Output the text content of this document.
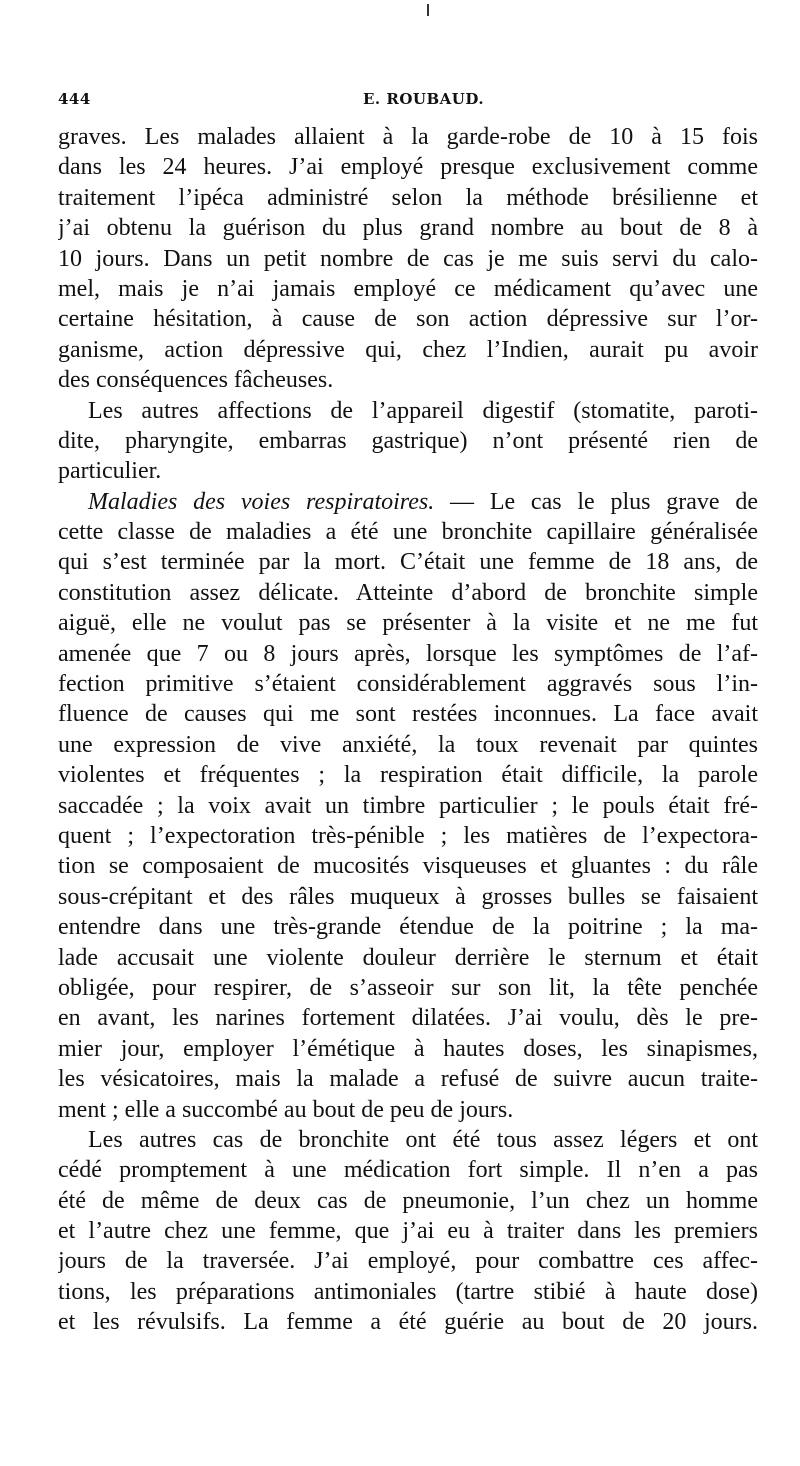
444	E. ROUBAUD.
graves. Les malades allaient à la garde-robe de 10 à 15 fois
dans les 24 heures. J’ai employé presque exclusivement comme
traitement l’ipéca administré selon la méthode brésilienne et
j’ai obtenu la guérison du plus grand nombre au bout de 8 à
10 jours. Dans un petit nombre de cas je me suis servi du calo-
mel, mais je n’ai jamais employé ce médicament qu’avec une
certaine hésitation, à cause de son action dépressive sur l’or-
ganisme, action dépressive qui, chez l’Indien, aurait pu avoir
des conséquences fâcheuses.
Les autres affections de l’appareil digestif (stomatite, paroti-
dite, pharyngite, embarras gastrique) n’ont présenté rien de
particulier.
Maladies des voies respiratoires. — Le cas le plus grave de
cette classe de maladies a été une bronchite capillaire généralisée
qui s’est terminée par la mort. C’était une femme de 18 ans, de
constitution assez délicate. Atteinte d’abord de bronchite simple
aiguë, elle ne voulut pas se présenter à la visite et ne me fut
amenée que 7 ou 8 jours après, lorsque les symptômes de l’af-
fection primitive s’étaient considérablement aggravés sous l’in-
fluence de causes qui me sont restées inconnues. La face avait
une expression de vive anxiété, la toux revenait par quintes
violentes et fréquentes ; la respiration était difficile, la parole
saccadée ; la voix avait un timbre particulier ; le pouls était fré-
quent ; l’expectoration très-pénible ; les matières de l’expectora-
tion se composaient de mucosités visqueuses et gluantes : du râle
sous-crépitant et des râles muqueux à grosses bulles se faisaient
entendre dans une très-grande étendue de la poitrine ; la ma-
lade accusait une violente douleur derrière le sternum et était
obligée, pour respirer, de s’asseoir sur son lit, la tête penchée
en avant, les narines fortement dilatées. J’ai voulu, dès le pre-
mier jour, employer l’émétique à hautes doses, les sinapismes,
les vésicatoires, mais la malade a refusé de suivre aucun traite-
ment ; elle a succombé au bout de peu de jours.
Les autres cas de bronchite ont été tous assez légers et ont
cédé promptement à une médication fort simple. Il n’en a pas
été de même de deux cas de pneumonie, l’un chez un homme
et l’autre chez une femme, que j’ai eu à traiter dans les premiers
jours de la traversée. J’ai employé, pour combattre ces affec-
tions, les préparations antimoniales (tartre stibié à haute dose)
et les révulsifs. La femme a été guérie au bout de 20 jours.
